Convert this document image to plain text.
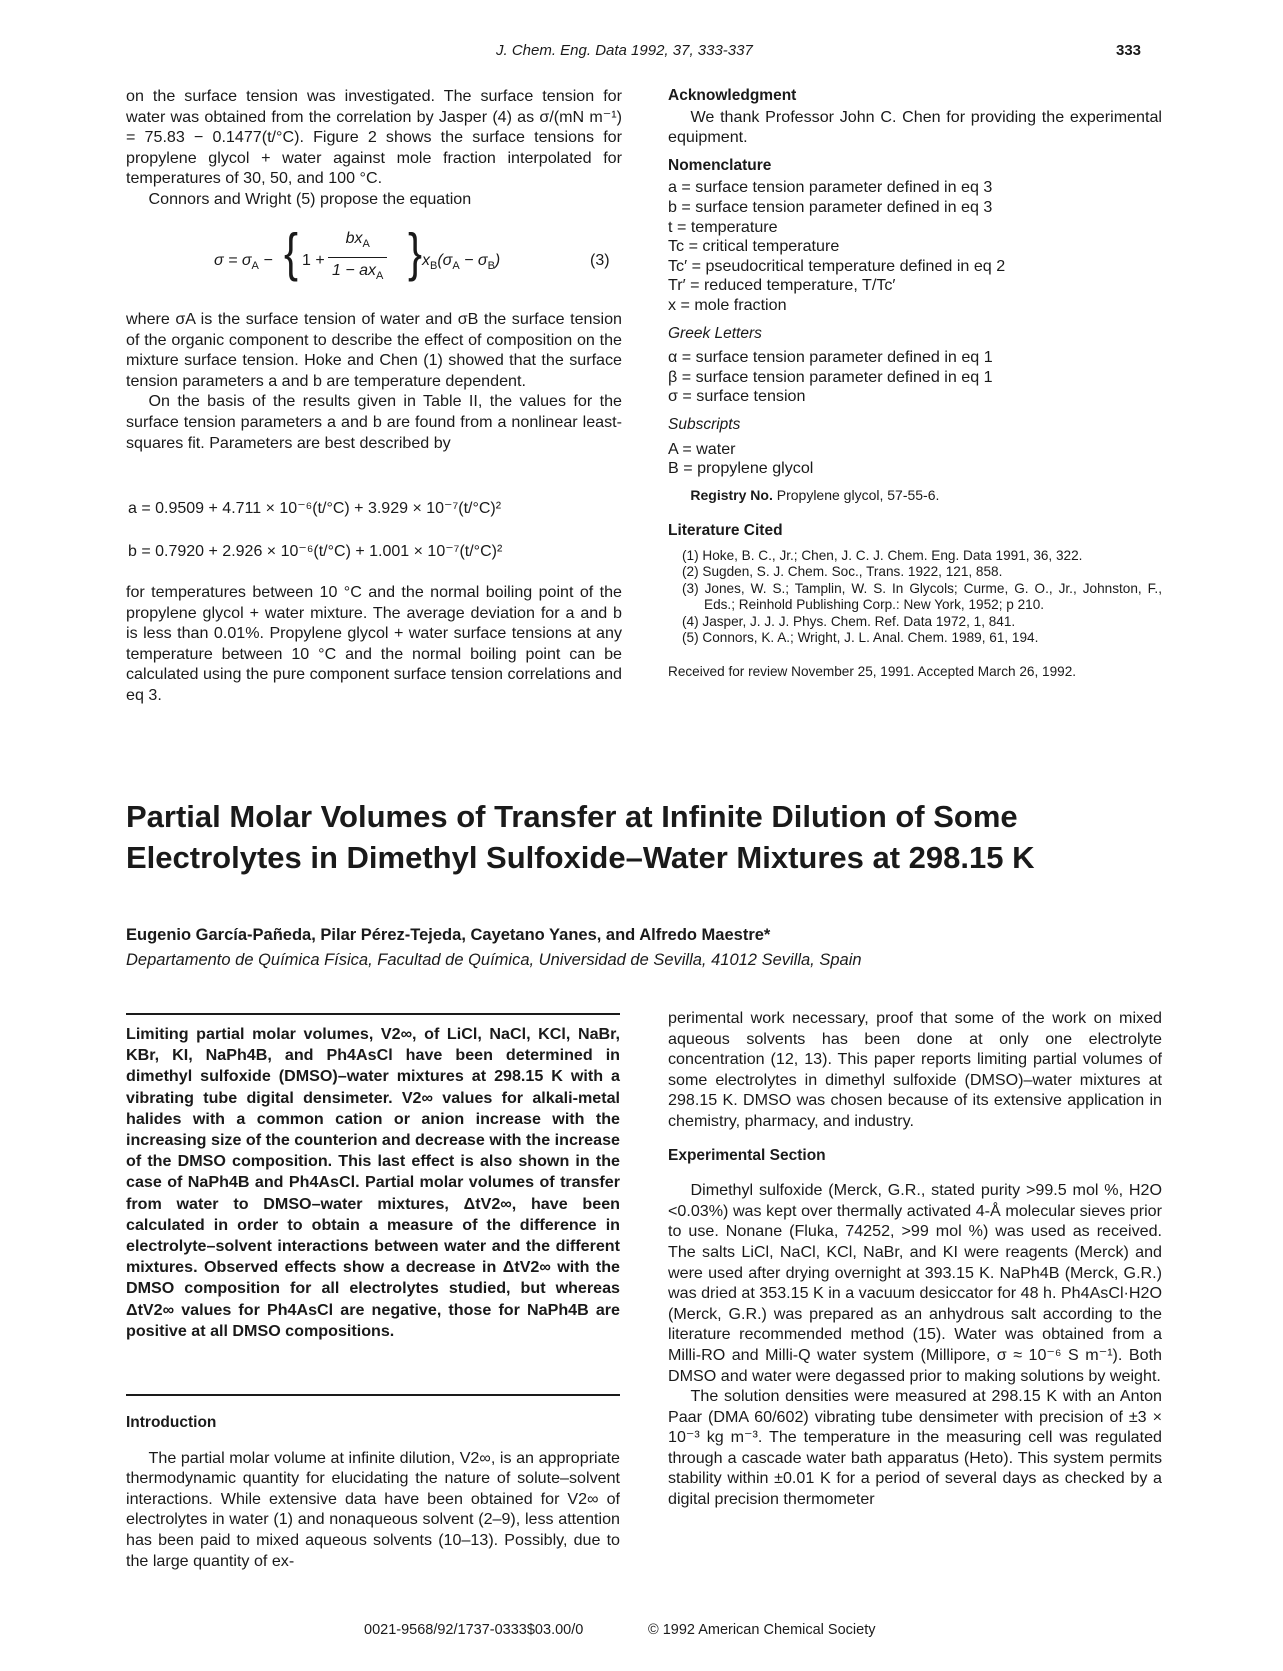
J. Chem. Eng. Data 1992, 37, 333-337	333

on the surface tension was investigated. The surface tension for water was obtained from the correlation by Jasper (4) as σ/(mN m⁻¹) = 75.83 − 0.1477(t/°C). Figure 2 shows the surface tensions for propylene glycol + water against mole fraction interpolated for temperatures of 30, 50, and 100 °C.

Connors and Wright (5) propose the equation

$\sigma = \sigma_A$ − { 1 +
$bx_A$
$1 - ax_A$ } $x_B(\sigma_A - \sigma_B)$	(3)

where σA is the surface tension of water and σB the surface tension of the organic component to describe the effect of composition on the mixture surface tension. Hoke and Chen (1) showed that the surface tension parameters a and b are temperature dependent.

On the basis of the results given in Table II, the values for the surface tension parameters a and b are found from a nonlinear least-squares fit. Parameters are best described by

a = 0.9509 + 4.711 × 10⁻⁶(t/°C) + 3.929 × 10⁻⁷(t/°C)²
b = 0.7920 + 2.926 × 10⁻⁶(t/°C) + 1.001 × 10⁻⁷(t/°C)²

for temperatures between 10 °C and the normal boiling point of the propylene glycol + water mixture. The average deviation for a and b is less than 0.01%. Propylene glycol + water surface tensions at any temperature between 10 °C and the normal boiling point can be calculated using the pure component surface tension correlations and eq 3.

Acknowledgment

We thank Professor John C. Chen for providing the experimental equipment.

Nomenclature

a = surface tension parameter defined in eq 3

b = surface tension parameter defined in eq 3

t = temperature

Tc = critical temperature

Tc′ = pseudocritical temperature defined in eq 2

Tr′ = reduced temperature, T/Tc′

x = mole fraction

Greek Letters

α = surface tension parameter defined in eq 1

β = surface tension parameter defined in eq 1

σ = surface tension

Subscripts

A = water

B = propylene glycol

Registry No. Propylene glycol, 57-55-6.

Literature Cited

(1) Hoke, B. C., Jr.; Chen, J. C. J. Chem. Eng. Data 1991, 36, 322.

(2) Sugden, S. J. Chem. Soc., Trans. 1922, 121, 858.

(3) Jones, W. S.; Tamplin, W. S. In Glycols; Curme, G. O., Jr., Johnston, F., Eds.; Reinhold Publishing Corp.: New York, 1952; p 210.

(4) Jasper, J. J. J. Phys. Chem. Ref. Data 1972, 1, 841.

(5) Connors, K. A.; Wright, J. L. Anal. Chem. 1989, 61, 194.

Received for review November 25, 1991. Accepted March 26, 1992.

Partial Molar Volumes of Transfer at Infinite Dilution of Some
Electrolytes in Dimethyl Sulfoxide–Water Mixtures at 298.15 K
Eugenio García-Pañeda, Pilar Pérez-Tejeda, Cayetano Yanes, and Alfredo Maestre*
Departamento de Química Física, Facultad de Química, Universidad de Sevilla, 41012 Sevilla, Spain

Limiting partial molar volumes, V2∞, of LiCl, NaCl, KCl, NaBr, KBr, KI, NaPh4B, and Ph4AsCl have been determined in dimethyl sulfoxide (DMSO)–water mixtures at 298.15 K with a vibrating tube digital densimeter. V2∞ values for alkali-metal halides with a common cation or anion increase with the increasing size of the counterion and decrease with the increase of the DMSO composition. This last effect is also shown in the case of NaPh4B and Ph4AsCl. Partial molar volumes of transfer from water to DMSO–water mixtures, ΔtV2∞, have been calculated in order to obtain a measure of the difference in electrolyte–solvent interactions between water and the different mixtures. Observed effects show a decrease in ΔtV2∞ with the DMSO composition for all electrolytes studied, but whereas ΔtV2∞ values for Ph4AsCl are negative, those for NaPh4B are positive at all DMSO compositions.

Introduction

The partial molar volume at infinite dilution, V2∞, is an appropriate thermodynamic quantity for elucidating the nature of solute–solvent interactions. While extensive data have been obtained for V2∞ of electrolytes in water (1) and nonaqueous solvent (2–9), less attention has been paid to mixed aqueous solvents (10–13). Possibly, due to the large quantity of ex-

perimental work necessary, proof that some of the work on mixed aqueous solvents has been done at only one electrolyte concentration (12, 13). This paper reports limiting partial volumes of some electrolytes in dimethyl sulfoxide (DMSO)–water mixtures at 298.15 K. DMSO was chosen because of its extensive application in chemistry, pharmacy, and industry.

Experimental Section

Dimethyl sulfoxide (Merck, G.R., stated purity >99.5 mol %, H2O <0.03%) was kept over thermally activated 4-Å molecular sieves prior to use. Nonane (Fluka, 74252, >99 mol %) was used as received. The salts LiCl, NaCl, KCl, NaBr, and KI were reagents (Merck) and were used after drying overnight at 393.15 K. NaPh4B (Merck, G.R.) was dried at 353.15 K in a vacuum desiccator for 48 h. Ph4AsCl·H2O (Merck, G.R.) was prepared as an anhydrous salt according to the literature recommended method (15). Water was obtained from a Milli-RO and Milli-Q water system (Millipore, σ ≈ 10⁻⁶ S m⁻¹). Both DMSO and water were degassed prior to making solutions by weight.

The solution densities were measured at 298.15 K with an Anton Paar (DMA 60/602) vibrating tube densimeter with precision of ±3 × 10⁻³ kg m⁻³. The temperature in the measuring cell was regulated through a cascade water bath apparatus (Heto). This system permits stability within ±0.01 K for a period of several days as checked by a digital precision thermometer

0021-9568/92/1737-0333$03.00/0	© 1992 American Chemical Society
